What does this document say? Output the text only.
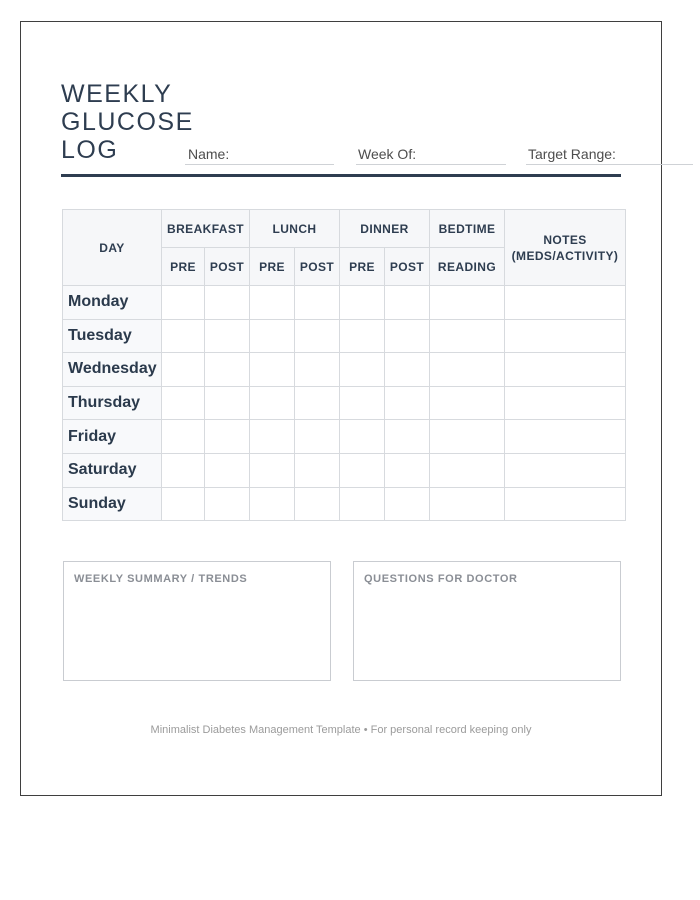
WEEKLY
GLUCOSE
LOG	Name:	Week Of:	Target Range:
DAY	BREAKFAST		LUNCH		DINNER		BEDTIME	NOTES
(MEDS/ACTIVITY)
	PRE	POST	PRE	POST	PRE	POST	READING	
Monday								
Tuesday								
Wednesday								
Thursday								
Friday								
Saturday								
Sunday								
WEEKLY SUMMARY / TRENDS	QUESTIONS FOR DOCTOR
Minimalist Diabetes Management Template • For personal record keeping only
